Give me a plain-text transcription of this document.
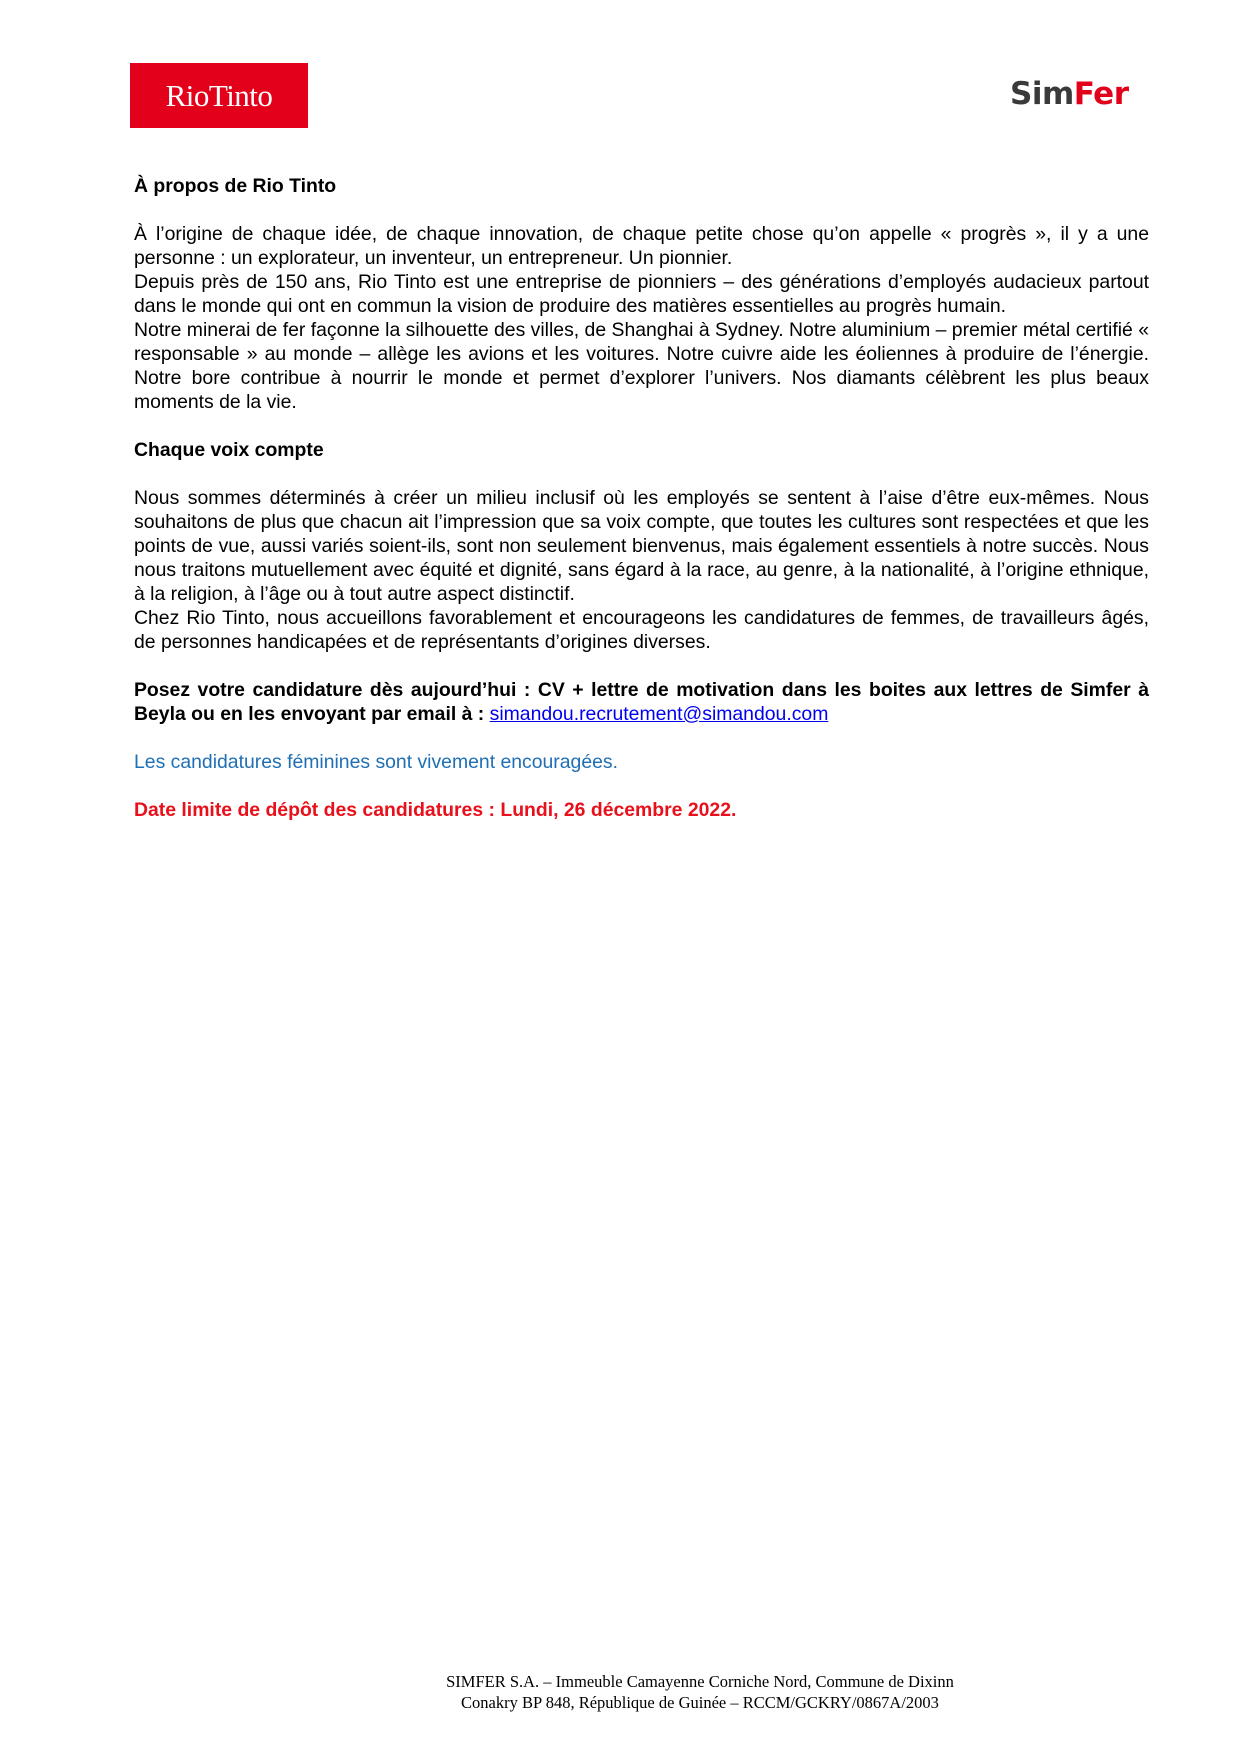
RioTinto	SimFer
À propos de Rio Tinto

À l’origine de chaque idée, de chaque innovation, de chaque petite chose qu’on appelle « progrès », il y a une personne : un explorateur, un inventeur, un entrepreneur. Un pionnier.

Depuis près de 150 ans, Rio Tinto est une entreprise de pionniers – des générations d’employés audacieux partout dans le monde qui ont en commun la vision de produire des matières essentielles au progrès humain.

Notre minerai de fer façonne la silhouette des villes, de Shanghai à Sydney. Notre aluminium – premier métal certifié « responsable » au monde – allège les avions et les voitures. Notre cuivre aide les éoliennes à produire de l’énergie. Notre bore contribue à nourrir le monde et permet d’explorer l’univers. Nos diamants célèbrent les plus beaux moments de la vie.

Chaque voix compte

Nous sommes déterminés à créer un milieu inclusif où les employés se sentent à l’aise d’être eux-mêmes. Nous souhaitons de plus que chacun ait l’impression que sa voix compte, que toutes les cultures sont respectées et que les points de vue, aussi variés soient-ils, sont non seulement bienvenus, mais également essentiels à notre succès. Nous nous traitons mutuellement avec équité et dignité, sans égard à la race, au genre, à la nationalité, à l’origine ethnique, à la religion, à l’âge ou à tout autre aspect distinctif.

Chez Rio Tinto, nous accueillons favorablement et encourageons les candidatures de femmes, de travailleurs âgés, de personnes handicapées et de représentants d’origines diverses.

Posez votre candidature dès aujourd’hui : CV + lettre de motivation dans les boites aux lettres de Simfer à Beyla ou en les envoyant par email à : simandou.recrutement@simandou.com

Les candidatures féminines sont vivement encouragées.

Date limite de dépôt des candidatures : Lundi, 26 décembre 2022.

SIMFER S.A. – Immeuble Camayenne Corniche Nord, Commune de Dixinn
Conakry BP 848, République de Guinée – RCCM/GCKRY/0867A/2003
